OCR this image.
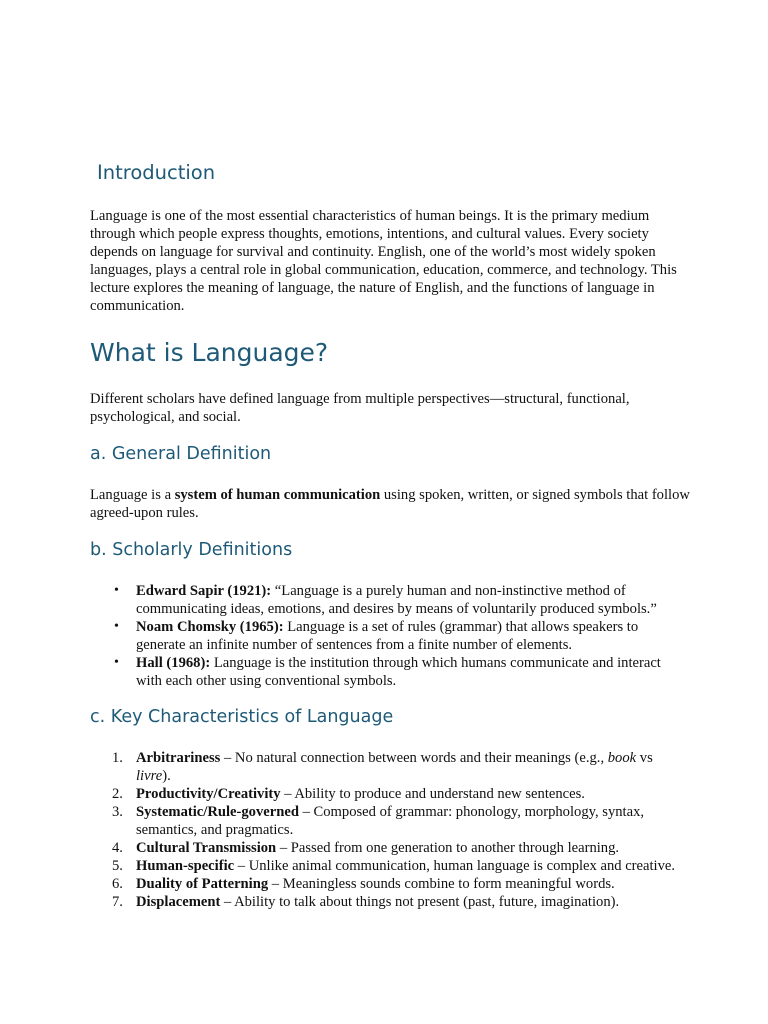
Introduction

Language is one of the most essential characteristics of human beings. It is the primary medium through which people express thoughts, emotions, intentions, and cultural values. Every society depends on language for survival and continuity. English, one of the world’s most widely spoken languages, plays a central role in global communication, education, commerce, and technology. This lecture explores the meaning of language, the nature of English, and the functions of language in communication.

What is Language?

Different scholars have defined language from multiple perspectives—structural, functional, psychological, and social.

a. General Definition

Language is a system of human communication using spoken, written, or signed symbols that follow agreed-upon rules.

b. Scholarly Definitions
• Edward Sapir (1921): “Language is a purely human and non-instinctive method of communicating ideas, emotions, and desires by means of voluntarily produced symbols.”
• Noam Chomsky (1965): Language is a set of rules (grammar) that allows speakers to generate an infinite number of sentences from a finite number of elements.
• Hall (1968): Language is the institution through which humans communicate and interact with each other using conventional symbols.
c. Key Characteristics of Language
1. Arbitrariness – No natural connection between words and their meanings (e.g., book vs livre).
2. Productivity/Creativity – Ability to produce and understand new sentences.
3. Systematic/Rule-governed – Composed of grammar: phonology, morphology, syntax, semantics, and pragmatics.
4. Cultural Transmission – Passed from one generation to another through learning.
5. Human-specific – Unlike animal communication, human language is complex and creative.
6. Duality of Patterning – Meaningless sounds combine to form meaningful words.
7. Displacement – Ability to talk about things not present (past, future, imagination).
